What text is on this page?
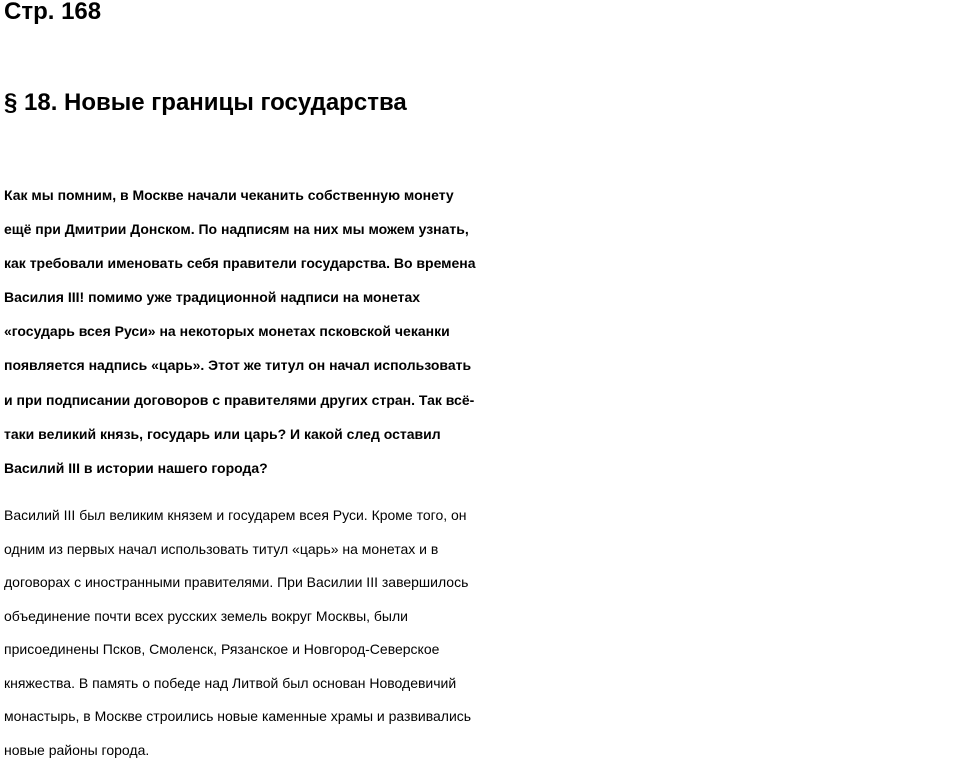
Стр. 168
§ 18. Новые границы государства

Как мы помним, в Москве начали чеканить собственную монету
ещё при Дмитрии Донском. По надписям на них мы можем узнать,
как требовали именовать себя правители государства. Во времена
Василия III! помимо уже традиционной надписи на монетах
«государь всея Руси» на некоторых монетах псковской чеканки
появляется надпись «царь». Этот же титул он начал использовать
и при подписании договоров с правителями других стран. Так всё-
таки великий князь, государь или царь? И какой след оставил
Василий III в истории нашего города?

Василий III был великим князем и государем всея Руси. Кроме того, он
одним из первых начал использовать титул «царь» на монетах и в
договорах с иностранными правителями. При Василии III завершилось
объединение почти всех русских земель вокруг Москвы, были
присоединены Псков, Смоленск, Рязанское и Новгород-Северское
княжества. В память о победе над Литвой был основан Новодевичий
монастырь, в Москве строились новые каменные храмы и развивались
новые районы города.
